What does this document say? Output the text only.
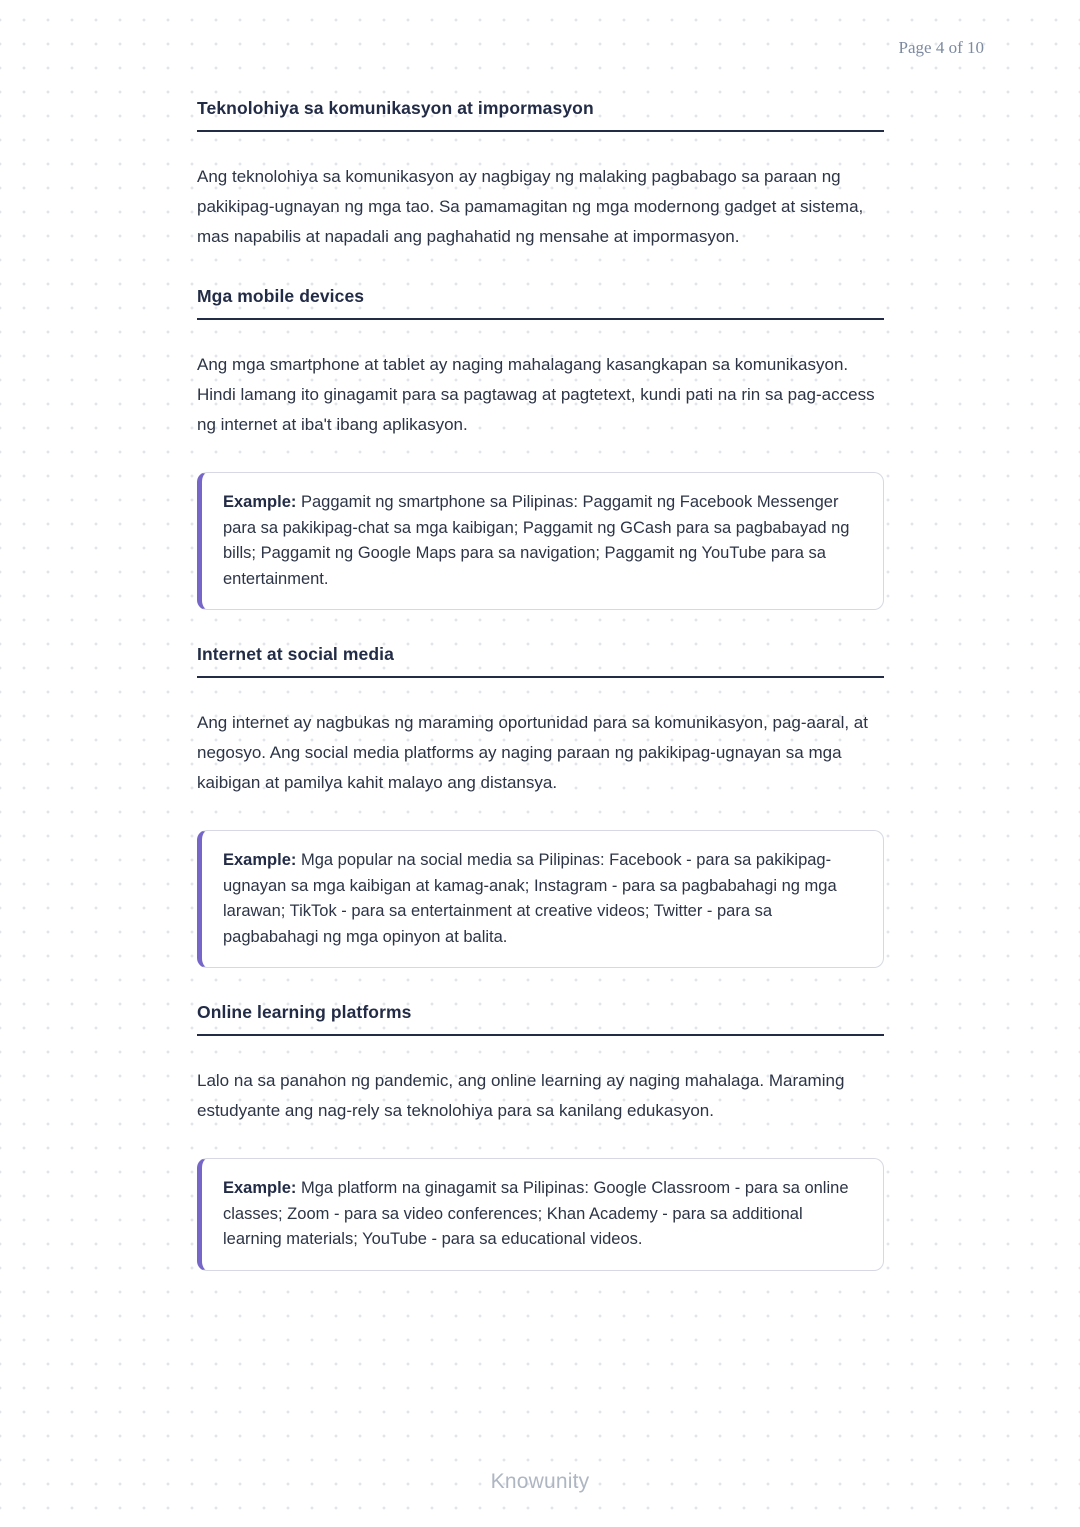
Page 4 of 10
Teknolohiya sa komunikasyon at impormasyon

Ang teknolohiya sa komunikasyon ay nagbigay ng malaking pagbabago sa paraan ng pakikipag-ugnayan ng mga tao. Sa pamamagitan ng mga modernong gadget at sistema, mas napabilis at napadali ang paghahatid ng mensahe at impormasyon.

Mga mobile devices

Ang mga smartphone at tablet ay naging mahalagang kasangkapan sa komunikasyon. Hindi lamang ito ginagamit para sa pagtawag at pagtetext, kundi pati na rin sa pag-access ng internet at iba't ibang aplikasyon.

Example: Paggamit ng smartphone sa Pilipinas: Paggamit ng Facebook Messenger para sa pakikipag-chat sa mga kaibigan; Paggamit ng GCash para sa pagbabayad ng bills; Paggamit ng Google Maps para sa navigation; Paggamit ng YouTube para sa entertainment.
Internet at social media

Ang internet ay nagbukas ng maraming oportunidad para sa komunikasyon, pag-aaral, at negosyo. Ang social media platforms ay naging paraan ng pakikipag-ugnayan sa mga kaibigan at pamilya kahit malayo ang distansya.

Example: Mga popular na social media sa Pilipinas: Facebook - para sa pakikipag-ugnayan sa mga kaibigan at kamag-anak; Instagram - para sa pagbabahagi ng mga larawan; TikTok - para sa entertainment at creative videos; Twitter - para sa pagbabahagi ng mga opinyon at balita.
Online learning platforms

Lalo na sa panahon ng pandemic, ang online learning ay naging mahalaga. Maraming estudyante ang nag-rely sa teknolohiya para sa kanilang edukasyon.

Example: Mga platform na ginagamit sa Pilipinas: Google Classroom - para sa online classes; Zoom - para sa video conferences; Khan Academy - para sa additional learning materials; YouTube - para sa educational videos.
Knowunity
